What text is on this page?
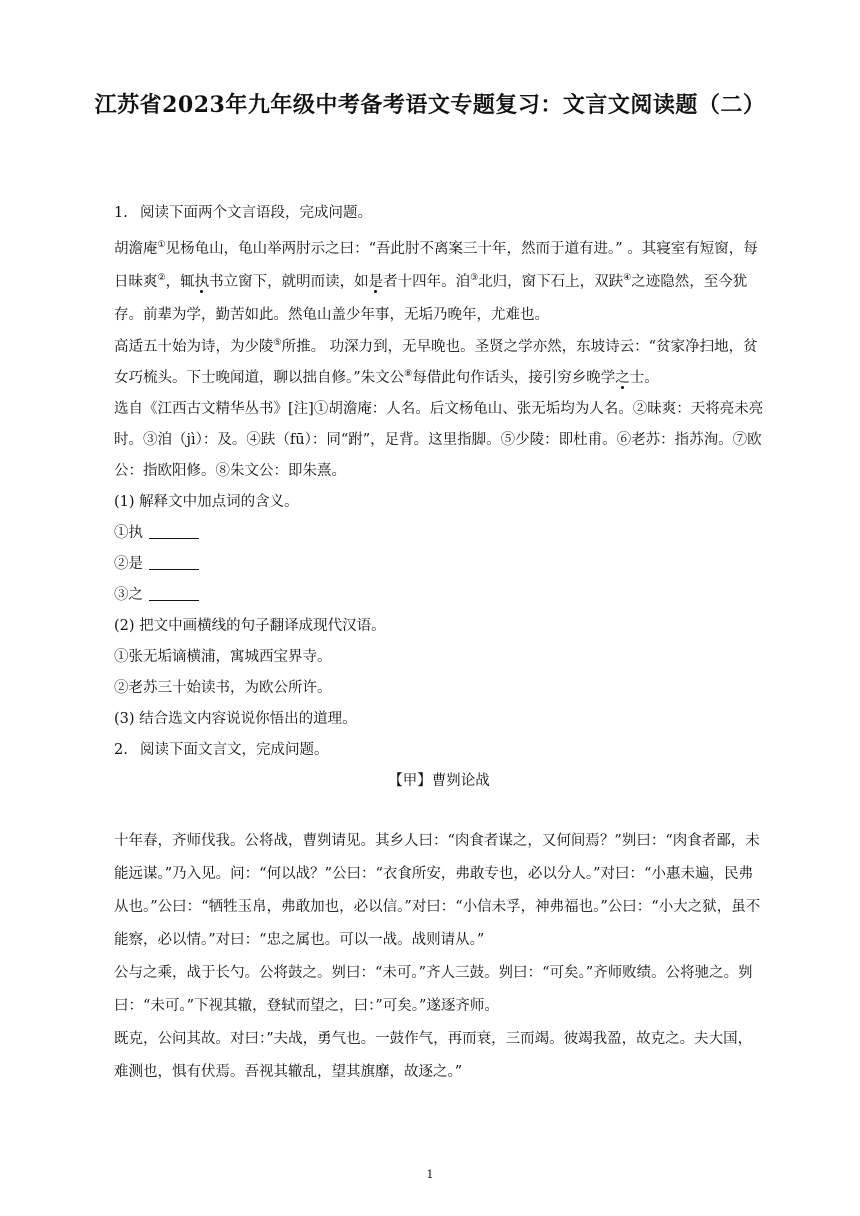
江苏省2023年九年级中考备考语文专题复习：文言文阅读题（二）

1. 阅读下面两个文言语段，完成问题。

胡澹庵①见杨龟山，龟山举两肘示之曰：“吾此肘不离案三十年，然而于道有进。” 。其寝室有短窗，每日昧爽②，辄执书立窗下，就明而读，如是者十四年。洎③北归，窗下石上，双趺④之迹隐然，至今犹存。前辈为学，勤苦如此。然龟山盖少年事，无垢乃晚年，尤难也。

高适五十始为诗，为少陵⑤所推。 功深力到，无早晚也。圣贤之学亦然，东坡诗云：“贫家净扫地，贫女巧梳头。下士晚闻道，聊以拙自修。”朱文公⑧每借此句作话头，接引穷乡晚学之士。

选自《江西古文精华丛书》[注]①胡澹庵：人名。后文杨龟山、张无垢均为人名。②昧爽：天将亮未亮时。③洎（jì）：及。④趺（fū）：同“跗”，足背。这里指脚。⑤少陵：即杜甫。⑥老苏：指苏洵。⑦欧公：指欧阳修。⑧朱文公：即朱熹。

(1) 解释文中加点词的含义。

①执

②是

③之

(2) 把文中画横线的句子翻译成现代汉语。

①张无垢谪横浦，寓城西宝界寺。

②老苏三十始读书，为欧公所许。

(3) 结合选文内容说说你悟出的道理。

2. 阅读下面文言文，完成问题。

【甲】曹刿论战

十年春，齐师伐我。公将战，曹刿请见。其乡人曰：“肉食者谋之，又何间焉？”刿曰：“肉食者鄙，未能远谋。”乃入见。问：“何以战？”公曰：“衣食所安，弗敢专也，必以分人。”对曰：“小惠未遍，民弗从也。”公曰：“牺牲玉帛，弗敢加也，必以信。”对曰：“小信未孚，神弗福也。”公曰：“小大之狱，虽不能察，必以情。”对曰：“忠之属也。可以一战。战则请从。”

公与之乘，战于长勺。公将鼓之。刿曰：“未可。”齐人三鼓。刿曰：“可矣。”齐师败绩。公将驰之。刿曰：“未可。”下视其辙，登轼而望之，曰：”可矣。”遂逐齐师。

既克，公问其故。对曰：”夫战，勇气也。一鼓作气，再而衰，三而竭。彼竭我盈，故克之。夫大国，难测也，惧有伏焉。吾视其辙乱，望其旗靡，故逐之。”

1
